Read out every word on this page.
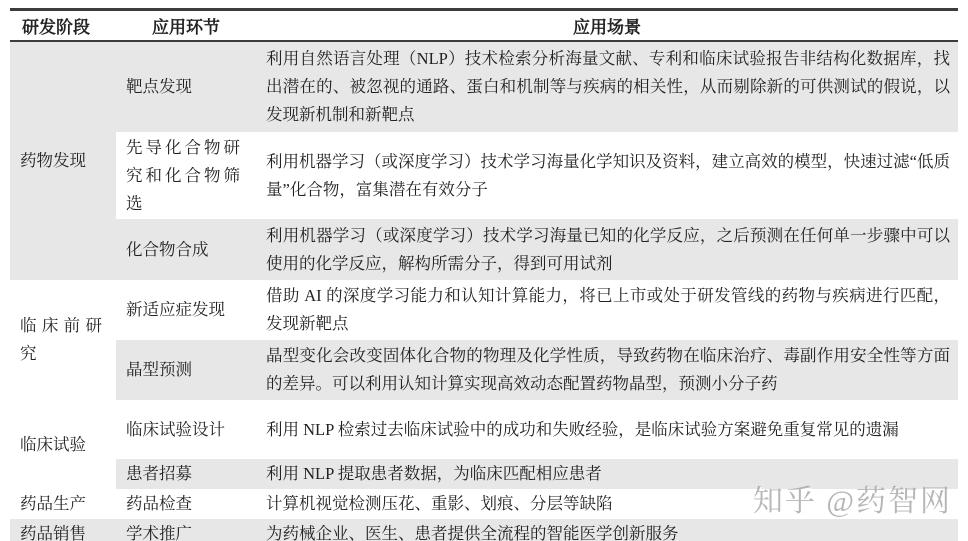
研发阶段	应用环节	应用场景
药物发现	靶点发现	利用自然语言处理（NLP）技术检索分析海量文献、专利和临床试验报告非结构化数据库，找出潜在的、被忽视的通路、蛋白和机制等与疾病的相关性，从而剔除新的可供测试的假说，以发现新机制和新靶点
	先导化合物研究和化合物筛选	利用机器学习（或深度学习）技术学习海量化学知识及资料，建立高效的模型，快速过滤“低质量”化合物，富集潜在有效分子
	化合物合成	利用机器学习（或深度学习）技术学习海量已知的化学反应，之后预测在任何单一步骤中可以使用的化学反应，解构所需分子，得到可用试剂
临床前研究	新适应症发现	借助 AI 的深度学习能力和认知计算能力，将已上市或处于研发管线的药物与疾病进行匹配，发现新靶点
	晶型预测	晶型变化会改变固体化合物的物理及化学性质，导致药物在临床治疗、毒副作用安全性等方面的差异。可以利用认知计算实现高效动态配置药物晶型，预测小分子药
临床试验	临床试验设计	利用 NLP 检索过去临床试验中的成功和失败经验，是临床试验方案避免重复常见的遗漏
	患者招募	利用 NLP 提取患者数据，为临床匹配相应患者
药品生产	药品检查	计算机视觉检测压花、重影、划痕、分层等缺陷
药品销售	学术推广	为药械企业、医生、患者提供全流程的智能医学创新服务
知乎 @药智网
